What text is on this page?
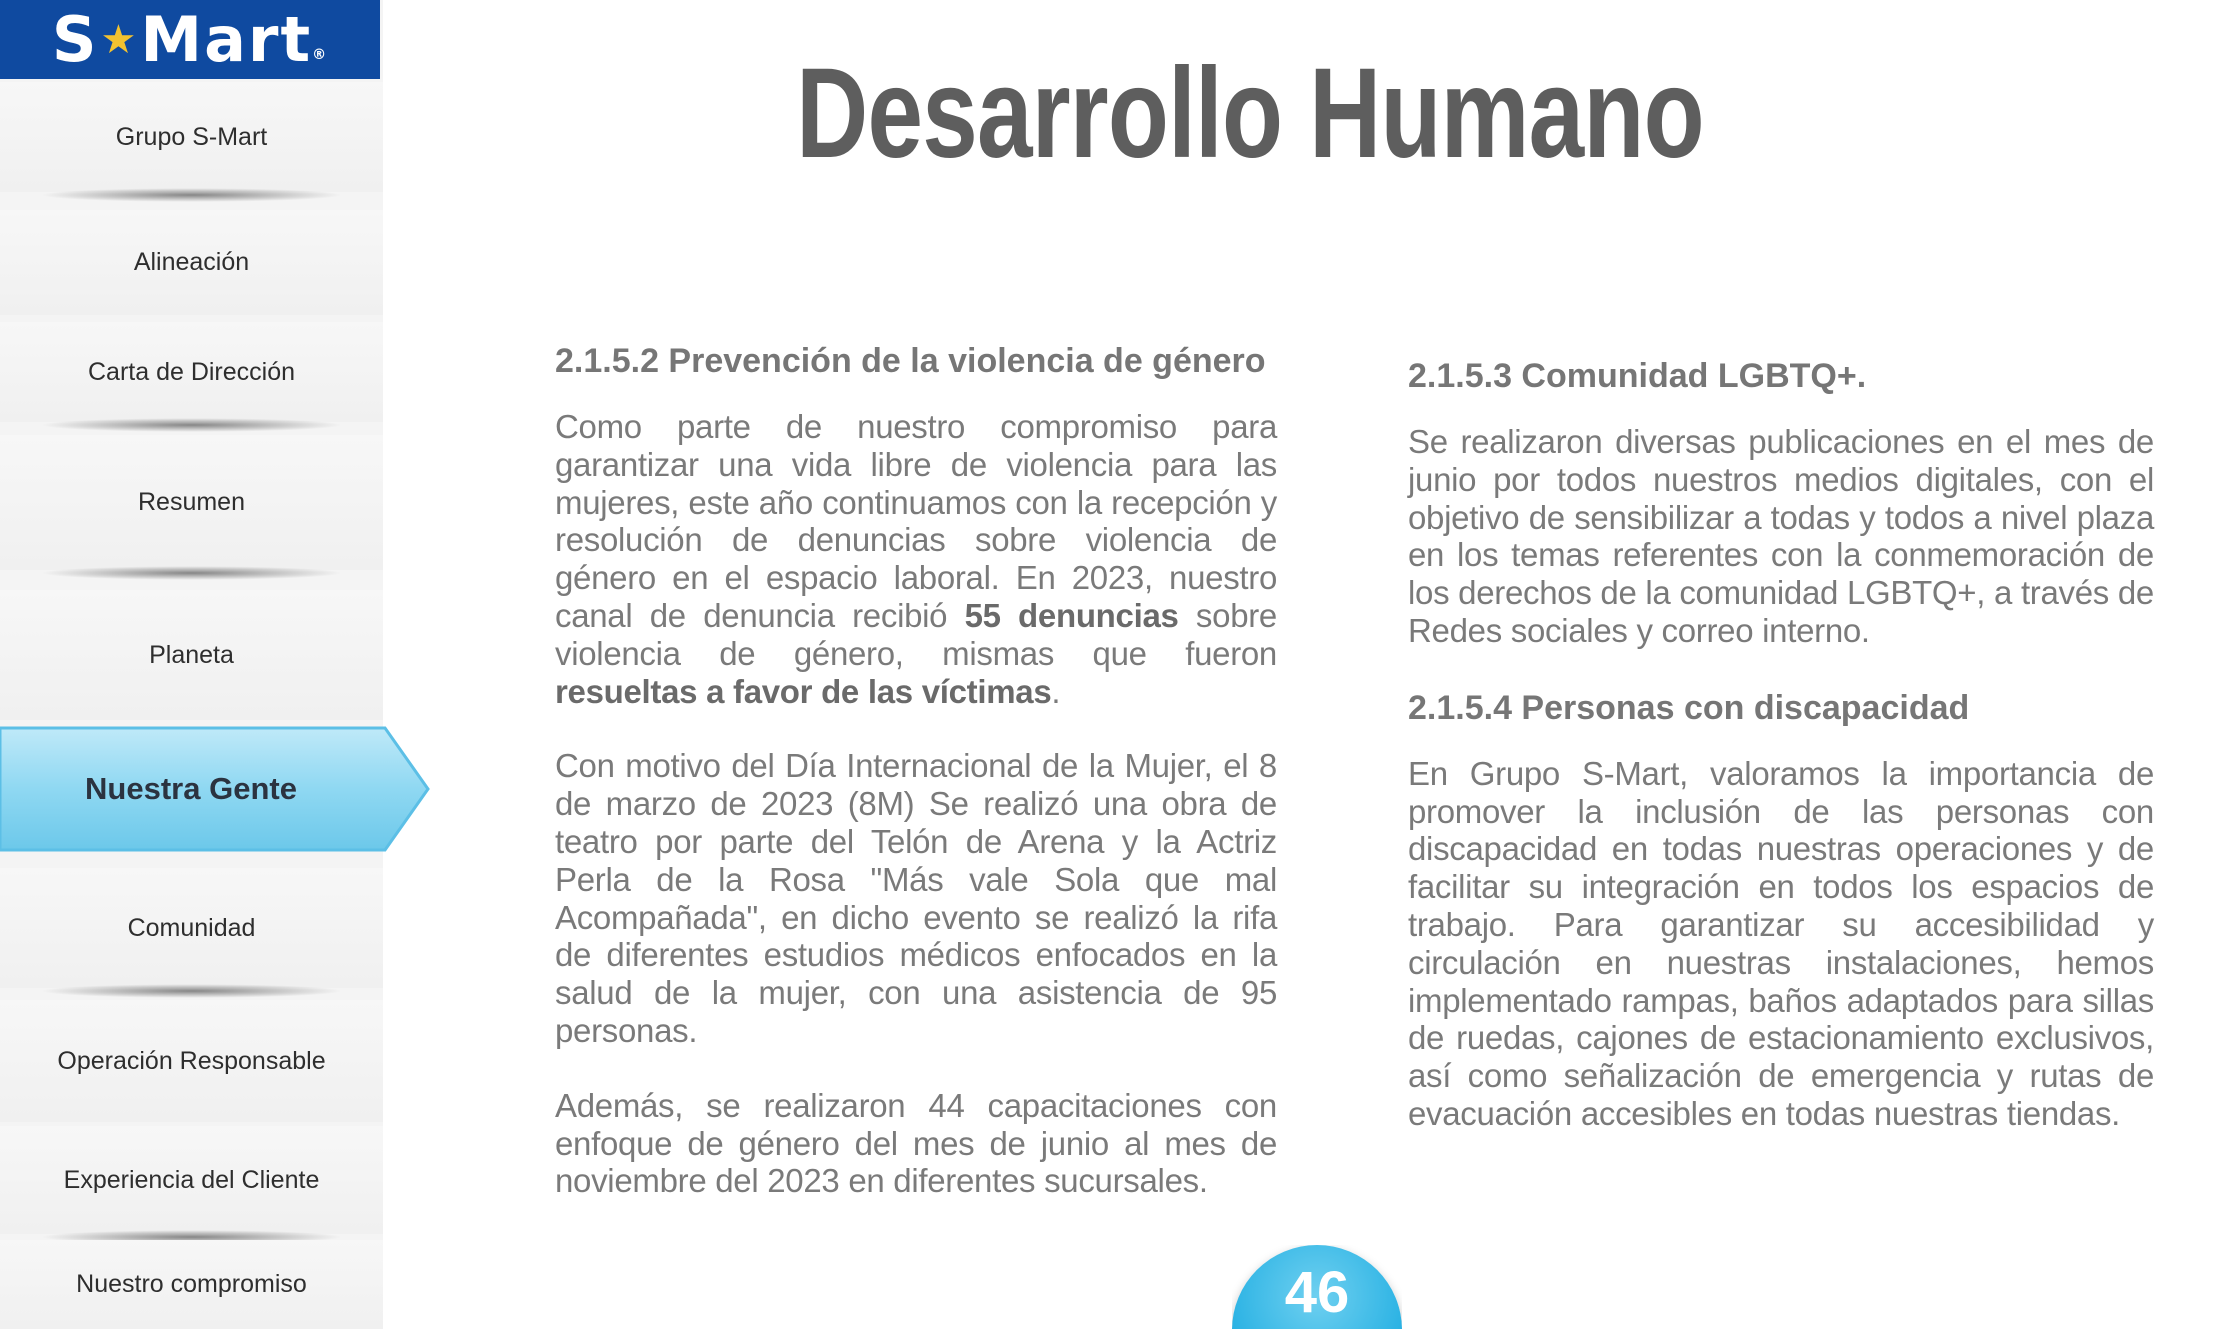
S ★ Mart ®
Grupo S-Mart
Alineación
Carta de Dirección
Resumen
Planeta
Nuestra Gente
Comunidad
Operación Responsable
Experiencia del Cliente
Nuestro compromiso
Desarrollo Humano
2.1.5.2 Prevención de la violencia de género

Como parte de nuestro compromiso para garantizar una vida libre de violencia para las mujeres, este año continuamos con la recepción y resolución de denuncias sobre violencia de género en el espacio laboral. En 2023, nuestro canal de denuncia recibió 55 denuncias sobre violencia de género, mismas que fueron resueltas a favor de las víctimas.

Con motivo del Día Internacional de la Mujer, el 8 de marzo de 2023 (8M) Se realizó una obra de teatro por parte del Telón de Arena y la Actriz Perla de la Rosa "Más vale Sola que mal Acompañada", en dicho evento se realizó la rifa de diferentes estudios médicos enfocados en la salud de la mujer, con una asistencia de 95 personas.

Además, se realizaron 44 capacitaciones con enfoque de género del mes de junio al mes de noviembre del 2023 en diferentes sucursales.

2.1.5.3 Comunidad LGBTQ+.

Se realizaron diversas publicaciones en el mes de junio por todos nuestros medios digitales, con el objetivo de sensibilizar a todas y todos a nivel plaza en los temas referentes con la conmemoración de los derechos de la comunidad LGBTQ+, a través de Redes sociales y correo interno.

2.1.5.4 Personas con discapacidad

En Grupo S-Mart, valoramos la importancia de promover la inclusión de las personas con discapacidad en todas nuestras operaciones y de facilitar su integración en todos los espacios de trabajo. Para garantizar su accesibilidad y circulación en nuestras instalaciones, hemos implementado rampas, baños adaptados para sillas de ruedas, cajones de estacionamiento exclusivos, así como señalización de emergencia y rutas de evacuación accesibles en todas nuestras tiendas.

46
